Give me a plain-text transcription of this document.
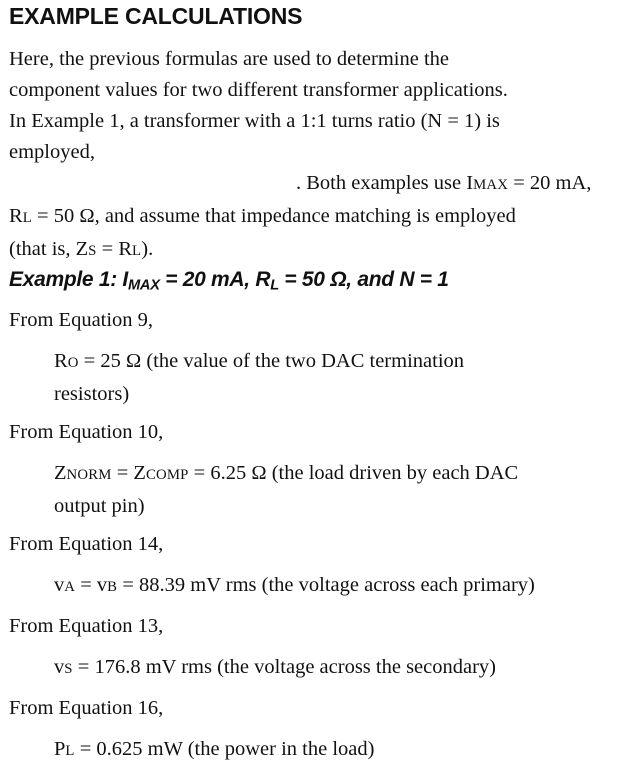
EXAMPLE CALCULATIONS
Here, the previous formulas are used to determine the
component values for two different transformer applications.
In Example 1, a transformer with a 1:1 turns ratio (N = 1) is
employed,
. Both examples use IMAX = 20 mA,
RL = 50 Ω, and assume that impedance matching is employed
(that is, ZS = RL).
Example 1: $I_{MAX} = 20$ mA, $R_L = 50$ Ω, and N = 1
From Equation 9,
RO = 25 Ω (the value of the two DAC termination
resistors)
From Equation 10,
ZNORM = ZCOMP = 6.25 Ω (the load driven by each DAC
output pin)
From Equation 14,
vA = vB = 88.39 mV rms (the voltage across each primary)
From Equation 13,
vS = 176.8 mV rms (the voltage across the secondary)
From Equation 16,
PL = 0.625 mW (the power in the load)
